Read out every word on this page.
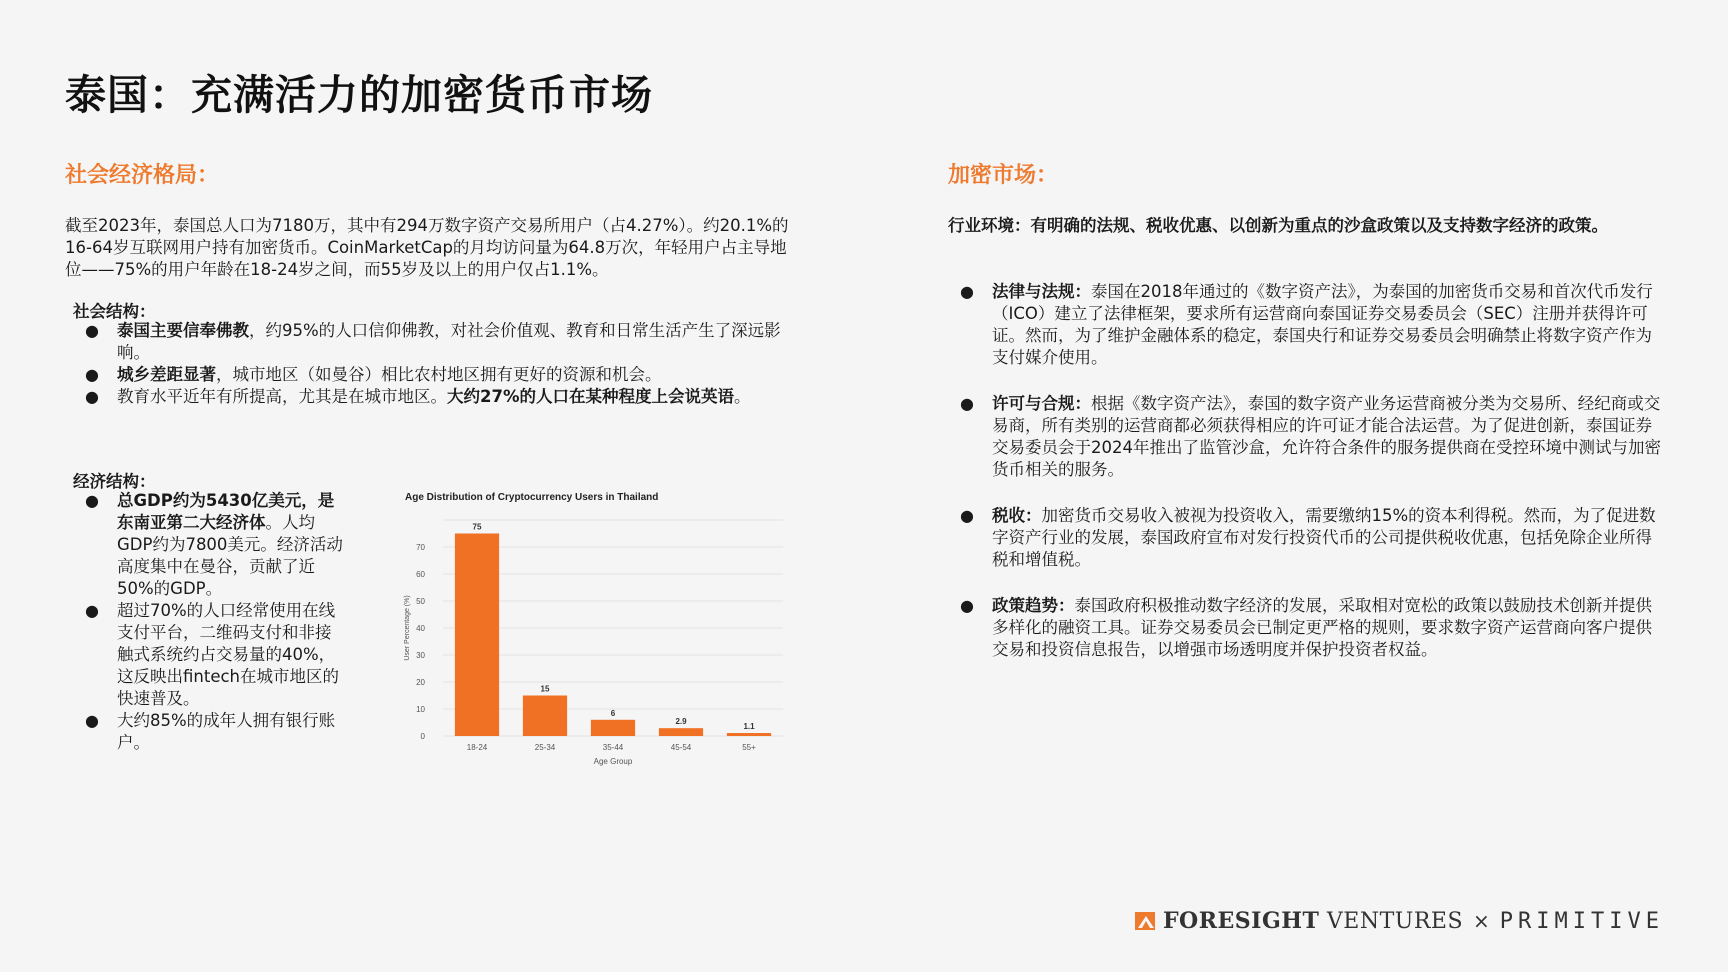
泰国：充满活力的加密货币市场
社会经济格局：
截至2023年，泰国总人口为7180万，其中有294万数字资产交易所用户（占4.27%）。约20.1%的16-64岁互联网用户持有加密货币。CoinMarketCap的月均访问量为64.8万次，年轻用户占主导地位——75%的用户年龄在18-24岁之间，而55岁及以上的用户仅占1.1%。
社会结构：
● 泰国主要信奉佛教，约95%的人口信仰佛教，对社会价值观、教育和日常生活产生了深远影响。
● 城乡差距显著，城市地区（如曼谷）相比农村地区拥有更好的资源和机会。
● 教育水平近年有所提高，尤其是在城市地区。大约27%的人口在某种程度上会说英语。
经济结构：
● 总GDP约为5430亿美元，是东南亚第二大经济体。人均GDP约为7800美元。经济活动高度集中在曼谷，贡献了近50%的GDP。
● 超过70%的人口经常使用在线支付平台，二维码支付和非接触式系统约占交易量的40%，这反映出fintech在城市地区的快速普及。
● 大约85%的成年人拥有银行账户。
Age Distribution of Cryptocurrency Users in Thailand
0
10
20
30
40
50
60
70
75
18-24
15
25-34
6
35-44
2.9
45-54
1.1
55+
Age Group
User Percentage (%)
加密市场：
行业环境：有明确的法规、税收优惠、以创新为重点的沙盒政策以及支持数字经济的政策。
● 法律与法规：泰国在2018年通过的《数字资产法》，为泰国的加密货币交易和首次代币发行（ICO）建立了法律框架，要求所有运营商向泰国证券交易委员会（SEC）注册并获得许可证。然而，为了维护金融体系的稳定，泰国央行和证券交易委员会明确禁止将数字资产作为支付媒介使用。
● 许可与合规：根据《数字资产法》，泰国的数字资产业务运营商被分类为交易所、经纪商或交易商，所有类别的运营商都必须获得相应的许可证才能合法运营。为了促进创新，泰国证券交易委员会于2024年推出了监管沙盒，允许符合条件的服务提供商在受控环境中测试与加密货币相关的服务。
● 税收：加密货币交易收入被视为投资收入，需要缴纳15%的资本利得税。然而，为了促进数字资产行业的发展，泰国政府宣布对发行投资代币的公司提供税收优惠，包括免除企业所得税和增值税。
● 政策趋势：泰国政府积极推动数字经济的发展，采取相对宽松的政策以鼓励技术创新并提供多样化的融资工具。证券交易委员会已制定更严格的规则，要求数字资产运营商向客户提供交易和投资信息报告，以增强市场透明度并保护投资者权益。
FORESIGHT VENTURES × PRIMITIVE
